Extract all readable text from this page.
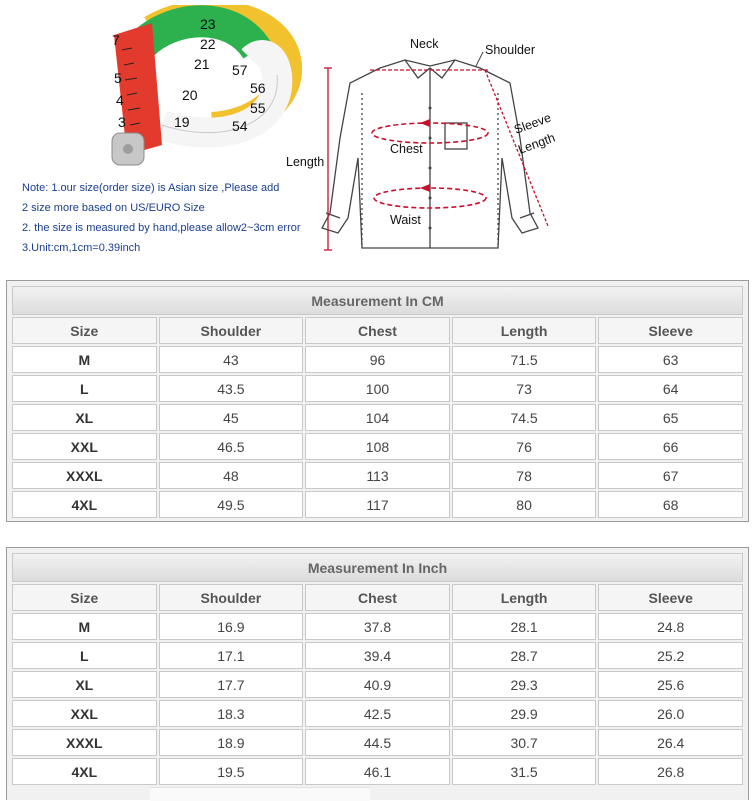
7
5
4
3
23
22
21
20
19
57
56
55
54
Note: 1.our size(order size) is Asian size ,Please add
2 size more based on US/EURO Size
2. the size is measured by hand,please allow2~3cm error
3.Unit:cm,1cm=0.39inch
Neck	Shoulder
Chest
Waist
Length
Sleeve
Length
Measurement In CM				
Size	Shoulder	Chest	Length	Sleeve
M	43	96	71.5	63
L	43.5	100	73	64
XL	45	104	74.5	65
XXL	46.5	108	76	66
XXXL	48	113	78	67
4XL	49.5	117	80	68
Measurement In Inch				
Size	Shoulder	Chest	Length	Sleeve
M	16.9	37.8	28.1	24.8
L	17.1	39.4	28.7	25.2
XL	17.7	40.9	29.3	25.6
XXL	18.3	42.5	29.9	26.0
XXXL	18.9	44.5	30.7	26.4
4XL	19.5	46.1	31.5	26.8
